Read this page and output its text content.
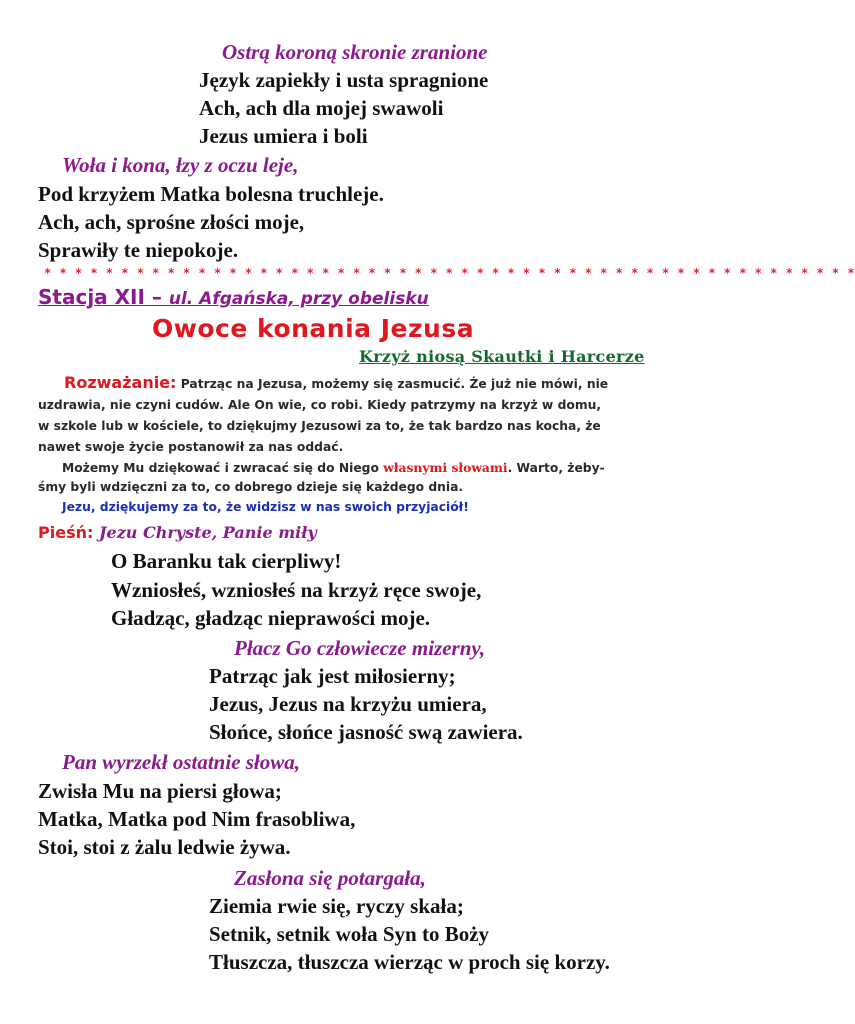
Ostrą koroną skronie zranione

Język zapiekły i usta spragnione

Ach, ach dla mojej swawoli

Jezus umiera i boli

Woła i kona, łzy z oczu leje,

Pod krzyżem Matka bolesna truchleje.

Ach, ach, sprośne złości moje,

Sprawiły te niepokoje.

* * * * * * * * * * * * * * * * * * * * * * * * * * * * * * * * * * * * * * * * * * * * * * * * * * * * *

Stacja XII – ul. Afgańska, przy obelisku

Owoce konania Jezusa

Krzyż niosą Skautki i Harcerze

Rozważanie: Patrząc na Jezusa, możemy się zasmucić. Że już nie mówi, nie

uzdrawia, nie czyni cudów. Ale On wie, co robi. Kiedy patrzymy na krzyż w domu,

w szkole lub w kościele, to dziękujmy Jezusowi za to, że tak bardzo nas kocha, że

nawet swoje życie postanowił za nas oddać.

Możemy Mu dziękować i zwracać się do Niego własnymi słowami. Warto, żeby-

śmy byli wdzięczni za to, co dobrego dzieje się każdego dnia.

Jezu, dziękujemy za to, że widzisz w nas swoich przyjaciół!

Pieśń: Jezu Chryste, Panie miły

O Baranku tak cierpliwy!

Wzniosłeś, wzniosłeś na krzyż ręce swoje,

Gładząc, gładząc nieprawości moje.

Płacz Go człowiecze mizerny,

Patrząc jak jest miłosierny;

Jezus, Jezus na krzyżu umiera,

Słońce, słońce jasność swą zawiera.

Pan wyrzekł ostatnie słowa,

Zwisła Mu na piersi głowa;

Matka, Matka pod Nim frasobliwa,

Stoi, stoi z żalu ledwie żywa.

Zasłona się potargała,

Ziemia rwie się, ryczy skała;

Setnik, setnik woła Syn to Boży

Tłuszcza, tłuszcza wierząc w proch się korzy.
